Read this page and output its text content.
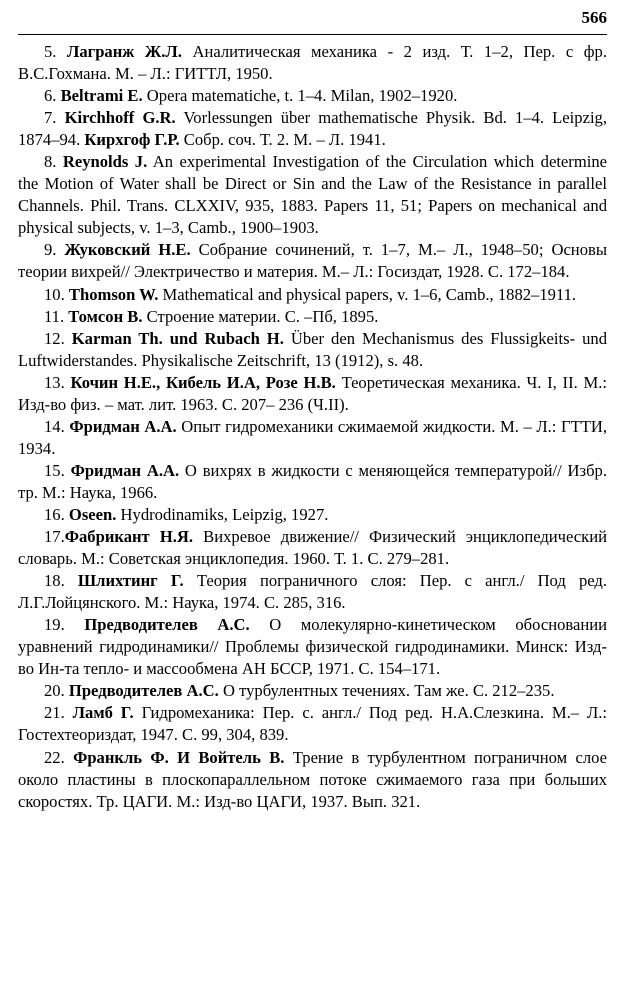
566

5. Лагранж Ж.Л. Аналитическая механика - 2 изд. Т. 1–2, Пер. с фр. В.С.Гохмана. М. – Л.: ГИТТЛ, 1950.

6. Beltrami E. Opera matematiche, t. 1–4. Milan, 1902–1920.

7. Kirchhoff G.R. Vorlessungen über mathematische Physik. Bd. 1–4. Leipzig, 1874–94. Кирхгоф Г.Р. Собр. соч. Т. 2. М. – Л. 1941.

8. Reynolds J. An experimental Investigation of the Circulation which determine the Motion of Water shall be Direct or Sin and the Law of the Resistance in parallel Channels. Phil. Trans. CLXXIV, 935, 1883. Papers 11, 51; Papers on mechanical and physical subjects, v. 1–3, Camb., 1900–1903.

9. Жуковский Н.Е. Собрание сочинений, т. 1–7, М.– Л., 1948–50; Основы теории вихрей// Электричество и материя. М.– Л.: Госиздат, 1928. С. 172–184.

10. Thomson W. Mathematical and physical papers, v. 1–6, Camb., 1882–1911.

11. Томсон В. Строение материи. С. –Пб, 1895.

12. Karman Th. und Rubach H. Über den Mechanismus des Flussigkeits- und Luftwiderstandes. Physikalische Zeitschrift, 13 (1912), s. 48.

13. Кочин Н.Е., Кибель И.А, Розе Н.В. Теоретическая механика. Ч. I, II. М.: Изд-во физ. – мат. лит. 1963. С. 207– 236 (Ч.II).

14. Фридман А.А. Опыт гидромеханики сжимаемой жидкости. М. – Л.: ГТТИ, 1934.

15. Фридман А.А. О вихрях в жидкости с меняющейся температурой// Избр. тр. М.: Наука, 1966.

16. Oseen. Hydrodinamiks, Leipzig, 1927.

17.Фабрикант Н.Я. Вихревое движение// Физический энциклопедический словарь. М.: Советская энциклопедия. 1960. Т. 1. С. 279–281.

18. Шлихтинг Г. Теория пограничного слоя: Пер. с англ./ Под ред. Л.Г.Лойцянского. М.: Наука, 1974. С. 285, 316.

19. Предводителев А.С. О молекулярно-кинетическом обосновании уравнений гидродинамики// Проблемы физической гидродинамики. Минск: Изд-во Ин-та тепло- и массообмена АН БССР, 1971. С. 154–171.

20. Предводителев А.С. О турбулентных течениях. Там же. С. 212–235.

21. Ламб Г. Гидромеханика: Пер. с. англ./ Под ред. Н.А.Слезкина. М.– Л.: Гостехтеориздат, 1947. С. 99, 304, 839.

22. Франкль Ф. И Войтель В. Трение в турбулентном пограничном слое около пластины в плоскопараллельном потоке сжимаемого газа при больших скоростях. Тр. ЦАГИ. М.: Изд-во ЦАГИ, 1937. Вып. 321.
